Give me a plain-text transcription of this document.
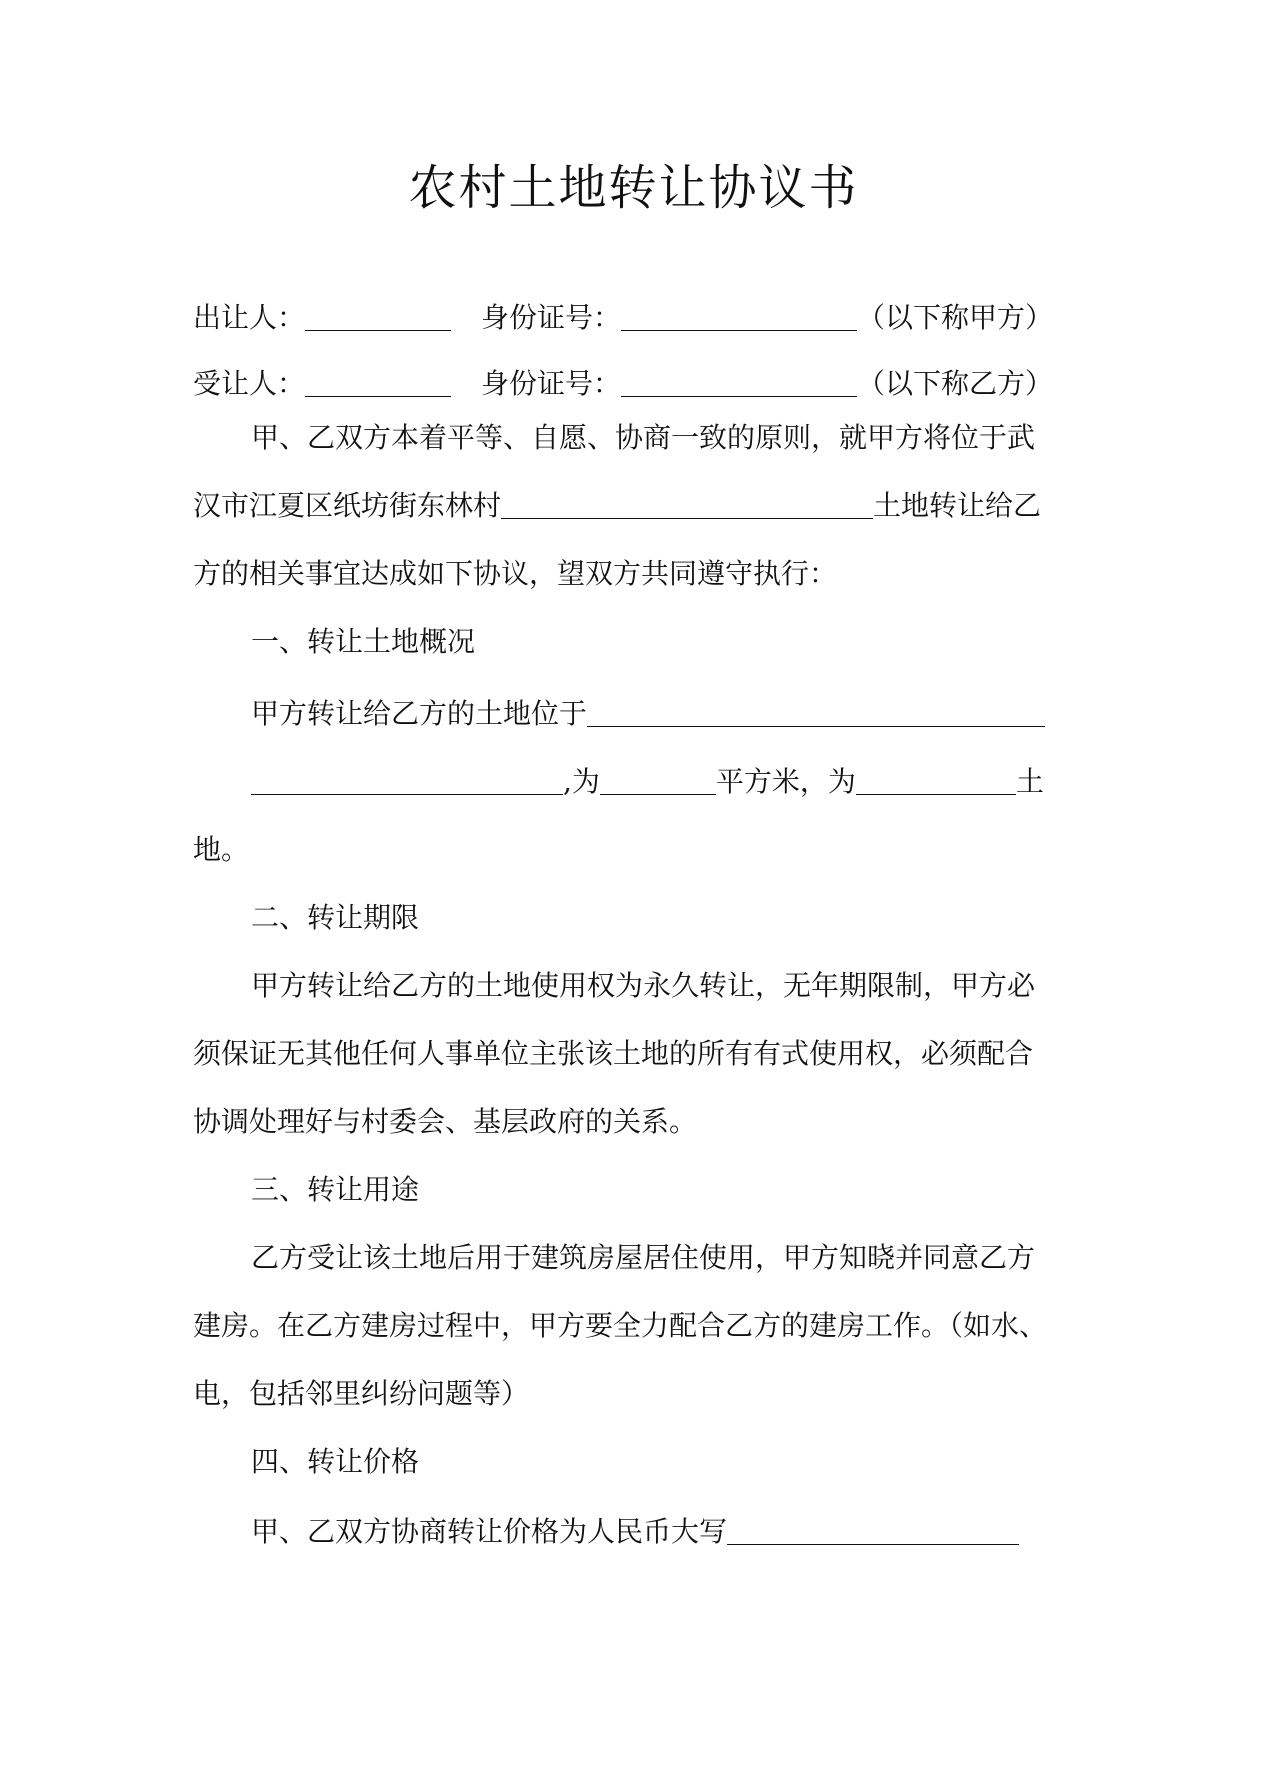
农村土地转让协议书
出让人：	身份证号：	（以下称甲方）
受让人：	身份证号：	（以下称乙方）
甲、乙双方本着平等、自愿、协商一致的原则，就甲方将位于武
汉市江夏区纸坊街东林村	土地转让给乙
方的相关事宜达成如下协议，望双方共同遵守执行：
一、转让土地概况
甲方转让给乙方的土地位于
,为	平方米，为	土
地。
二、转让期限
甲方转让给乙方的土地使用权为永久转让，无年期限制，甲方必
须保证无其他任何人事单位主张该土地的所有有式使用权，必须配合
协调处理好与村委会、基层政府的关系。
三、转让用途
乙方受让该土地后用于建筑房屋居住使用，甲方知晓并同意乙方
建房。在乙方建房过程中，甲方要全力配合乙方的建房工作。（如水、
电，包括邻里纠纷问题等）
四、转让价格
甲、乙双方协商转让价格为人民币大写
